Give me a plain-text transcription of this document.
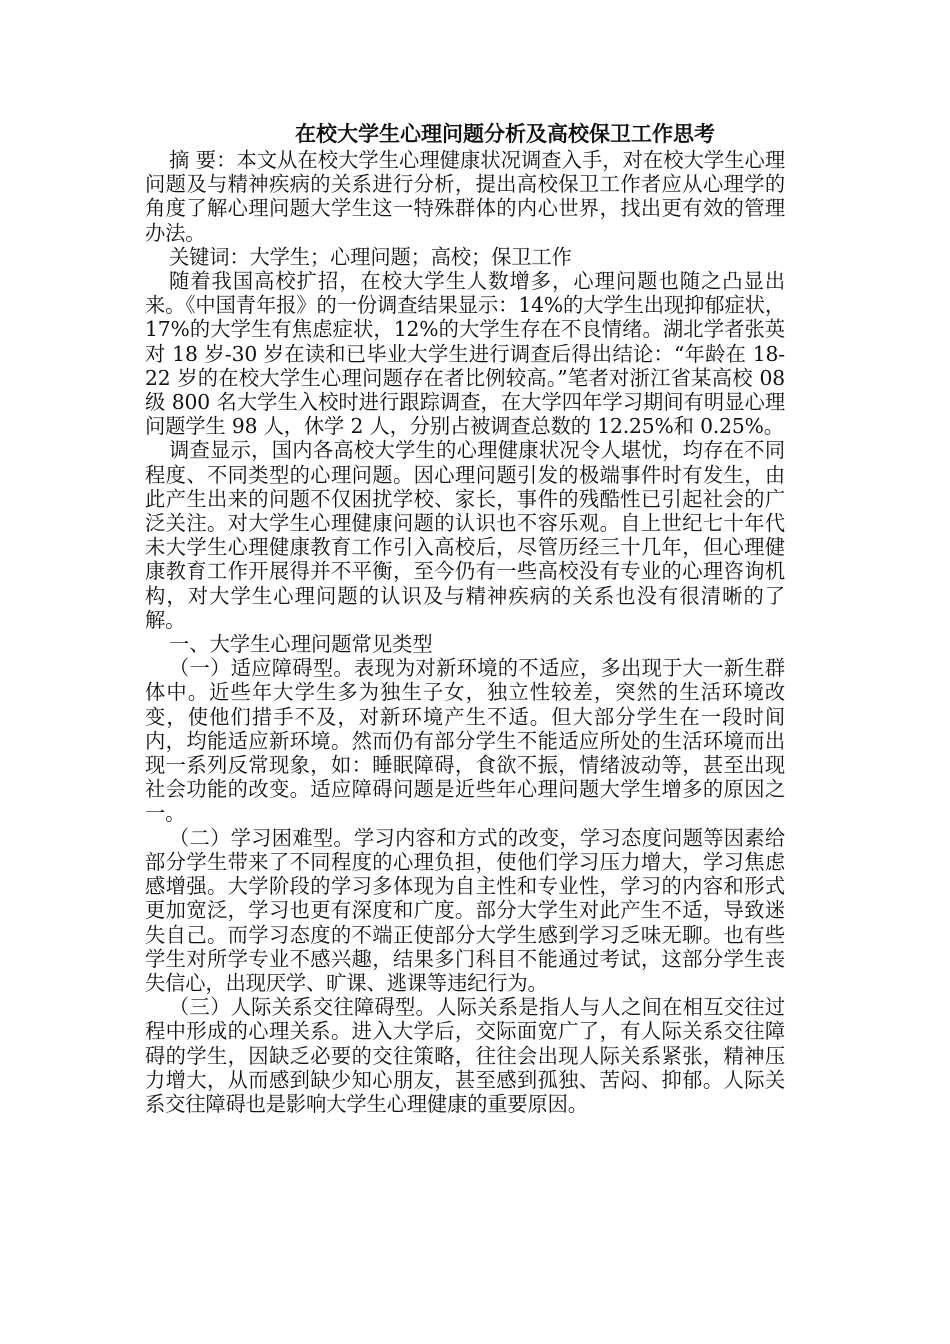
在校大学生心理问题分析及高校保卫工作思考

摘 要：本文从在校大学生心理健康状况调查入手，对在校大学生心理问题及与精神疾病的关系进行分析，提出高校保卫工作者应从心理学的角度了解心理问题大学生这一特殊群体的内心世界，找出更有效的管理办法。

关键词：大学生；心理问题；高校；保卫工作

随着我国高校扩招，在校大学生人数增多，心理问题也随之凸显出来。《中国青年报》的一份调查结果显示：14%的大学生出现抑郁症状，17%的大学生有焦虑症状，12%的大学生存在不良情绪。湖北学者张英对 18 岁-30 岁在读和已毕业大学生进行调查后得出结论：“年龄在 18-22 岁的在校大学生心理问题存在者比例较高。”笔者对浙江省某高校 08 级 800 名大学生入校时进行跟踪调查，在大学四年学习期间有明显心理问题学生 98 人，休学 2 人，分别占被调查总数的 12.25%和 0.25%。

调查显示，国内各高校大学生的心理健康状况令人堪忧，均存在不同程度、不同类型的心理问题。因心理问题引发的极端事件时有发生，由此产生出来的问题不仅困扰学校、家长，事件的残酷性已引起社会的广泛关注。对大学生心理健康问题的认识也不容乐观。自上世纪七十年代未大学生心理健康教育工作引入高校后，尽管历经三十几年，但心理健康教育工作开展得并不平衡，至今仍有一些高校没有专业的心理咨询机构，对大学生心理问题的认识及与精神疾病的关系也没有很清晰的了解。

一、大学生心理问题常见类型

（一）适应障碍型。表现为对新环境的不适应，多出现于大一新生群体中。近些年大学生多为独生子女，独立性较差，突然的生活环境改变，使他们措手不及，对新环境产生不适。但大部分学生在一段时间内，均能适应新环境。然而仍有部分学生不能适应所处的生活环境而出现一系列反常现象，如：睡眠障碍，食欲不振，情绪波动等，甚至出现社会功能的改变。适应障碍问题是近些年心理问题大学生增多的原因之一。

（二）学习困难型。学习内容和方式的改变，学习态度问题等因素给部分学生带来了不同程度的心理负担，使他们学习压力增大，学习焦虑感增强。大学阶段的学习多体现为自主性和专业性，学习的内容和形式更加宽泛，学习也更有深度和广度。部分大学生对此产生不适，导致迷失自己。而学习态度的不端正使部分大学生感到学习乏味无聊。也有些学生对所学专业不感兴趣，结果多门科目不能通过考试，这部分学生丧失信心，出现厌学、旷课、逃课等违纪行为。

（三）人际关系交往障碍型。人际关系是指人与人之间在相互交往过程中形成的心理关系。进入大学后，交际面宽广了，有人际关系交往障碍的学生，因缺乏必要的交往策略，往往会出现人际关系紧张，精神压力增大，从而感到缺少知心朋友，甚至感到孤独、苦闷、抑郁。人际关系交往障碍也是影响大学生心理健康的重要原因。
